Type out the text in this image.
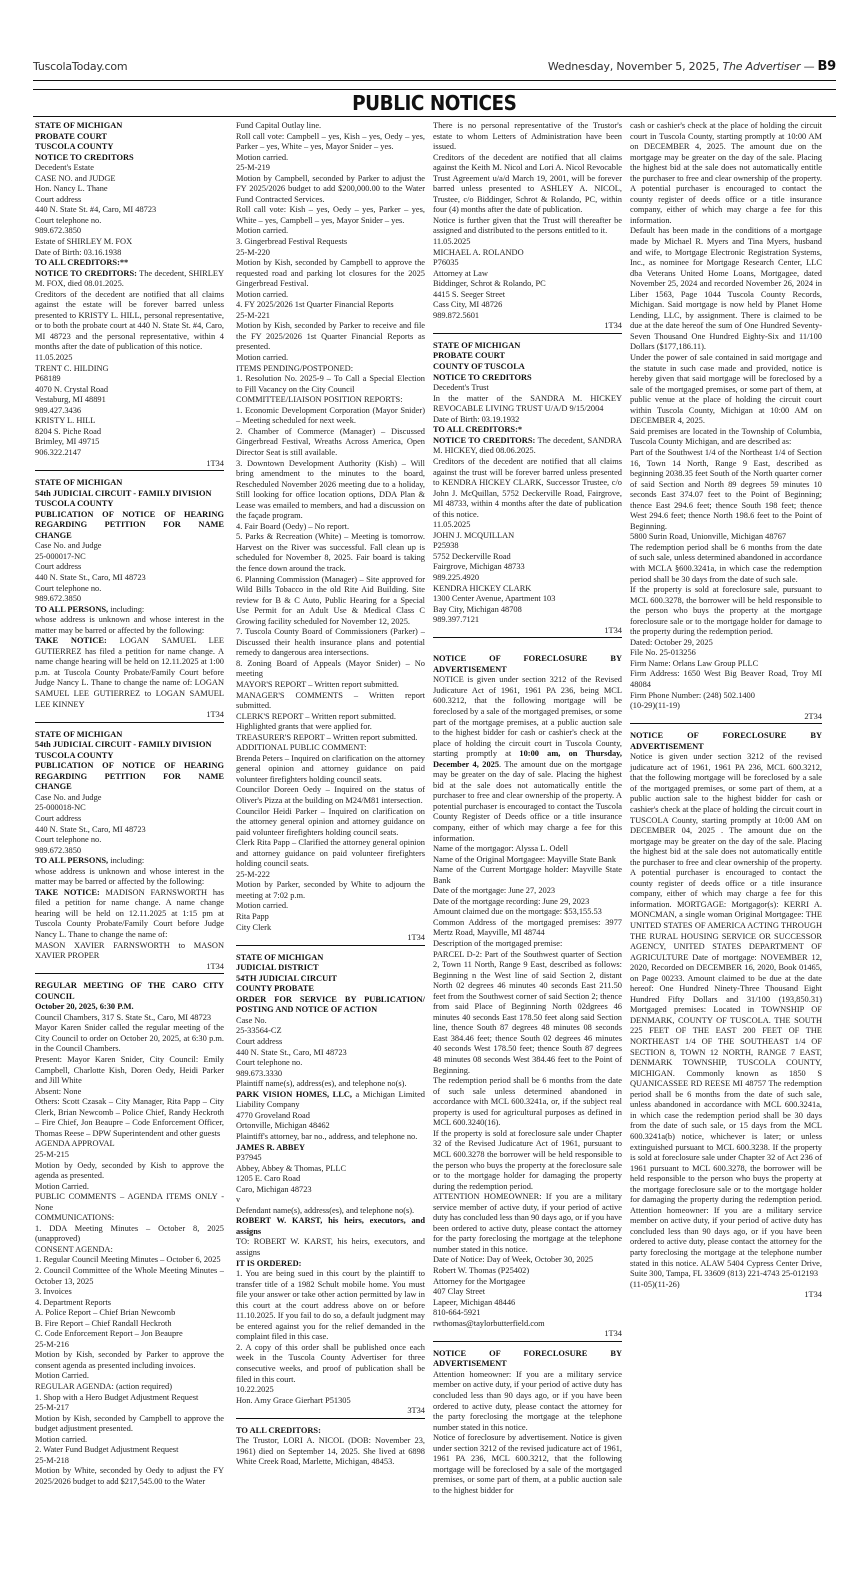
TuscolaToday.com	Wednesday, November 5, 2025, The Advertiser — B9
PUBLIC NOTICES

STATE OF MICHIGAN

PROBATE COURT

TUSCOLA COUNTY

NOTICE TO CREDITORS

Decedent's Estate

CASE NO. and JUDGE

Hon. Nancy L. Thane

Court address

440 N. State St. #4, Caro, MI 48723

Court telephone no.

989.672.3850

Estate of SHIRLEY M. FOX

Date of Birth: 03.16.1938

TO ALL CREDITORS:**

NOTICE TO CREDITORS: The decedent, SHIRLEY M. FOX, died 08.01.2025.

Creditors of the decedent are notified that all claims against the estate will be forever barred unless presented to KRISTY L. HILL, personal representative, or to both the probate court at 440 N. State St. #4, Caro, MI 48723 and the personal representative, within 4 months after the date of publication of this notice.

11.05.2025

TRENT C. HILDING

P68189

4070 N. Crystal Road

Vestaburg, MI 48891

989.427.3436

KRISTY L. HILL

8204 S. Piche Road

Brimley, MI 49715

906.322.2147

1T34

STATE OF MICHIGAN

54th JUDICIAL CIRCUIT - FAMILY DIVISION

TUSCOLA COUNTY

PUBLICATION OF NOTICE OF HEARING REGARDING PETITION FOR NAME

CHANGE

Case No. and Judge

25-000017-NC

Court address

440 N. State St., Caro, MI 48723

Court telephone no.

989.672.3850

TO ALL PERSONS, including:

whose address is unknown and whose interest in the matter may be barred or affected by the following:

TAKE NOTICE: LOGAN SAMUEL LEE GUTIERREZ has filed a petition for name change. A name change hearing will be held on 12.11.2025 at 1:00 p.m. at Tuscola County Probate/Family Court before Judge Nancy L. Thane to change the name of: LOGAN SAMUEL LEE GUTIERREZ to LOGAN SAMUEL LEE KINNEY

1T34

STATE OF MICHIGAN

54th JUDICIAL CIRCUIT - FAMILY DIVISION

TUSCOLA COUNTY

PUBLICATION OF NOTICE OF HEARING REGARDING PETITION FOR NAME

CHANGE

Case No. and Judge

25-000018-NC

Court address

440 N. State St., Caro, MI 48723

Court telephone no.

989.672.3850

TO ALL PERSONS, including:

whose address is unknown and whose interest in the matter may be barred or affected by the following:

TAKE NOTICE: MADISON FARNSWORTH has filed a petition for name change. A name change hearing will be held on 12.11.2025 at 1:15 pm at Tuscola County Probate/Family Court before Judge Nancy L. Thane to change the name of:

MASON XAVIER FARNSWORTH to MASON XAVIER PROPER

1T34

REGULAR MEETING OF THE CARO CITY

COUNCIL

October 20, 2025, 6:30 P.M.

Council Chambers, 317 S. State St., Caro, MI 48723

Mayor Karen Snider called the regular meeting of the City Council to order on October 20, 2025, at 6:30 p.m. in the Council Chambers.

Present: Mayor Karen Snider, City Council: Emily Campbell, Charlotte Kish, Doren Oedy, Heidi Parker and Jill White

Absent: None

Others: Scott Czasak – City Manager, Rita Papp – City Clerk, Brian Newcomb – Police Chief, Randy Heckroth – Fire Chief, Jon Beaupre – Code Enforcement Officer, Thomas Reese – DPW Superintendent and other guests

AGENDA APPROVAL

25-M-215

Motion by Oedy, seconded by Kish to approve the agenda as presented.

Motion Carried.

PUBLIC COMMENTS – AGENDA ITEMS ONLY - None

COMMUNICATIONS:

1. DDA Meeting Minutes – October 8, 2025 (unapproved)

CONSENT AGENDA:

1. Regular Council Meeting Minutes – October 6, 2025

2. Council Committee of the Whole Meeting Minutes – October 13, 2025

3. Invoices

4. Department Reports

A. Police Report – Chief Brian Newcomb

B. Fire Report – Chief Randall Heckroth

C. Code Enforcement Report – Jon Beaupre

25-M-216

Motion by Kish, seconded by Parker to approve the consent agenda as presented including invoices.

Motion Carried.

REGULAR AGENDA: (action required)

1. Shop with a Hero Budget Adjustment Request

25-M-217

Motion by Kish, seconded by Campbell to approve the budget adjustment presented.

Motion carried.

2. Water Fund Budget Adjustment Request

25-M-218

Motion by White, seconded by Oedy to adjust the FY 2025/2026 budget to add $217,545.00 to the Water

Fund Capital Outlay line.

Roll call vote: Campbell – yes, Kish – yes, Oedy – yes, Parker – yes, White – yes, Mayor Snider – yes.

Motion carried.

25-M-219

Motion by Campbell, seconded by Parker to adjust the FY 2025/2026 budget to add $200,000.00 to the Water Fund Contracted Services.

Roll call vote: Kish – yes, Oedy – yes, Parker – yes, White – yes, Campbell – yes, Mayor Snider – yes.

Motion carried.

3. Gingerbread Festival Requests

25-M-220

Motion by Kish, seconded by Campbell to approve the requested road and parking lot closures for the 2025 Gingerbread Festival.

Motion carried.

4. FY 2025/2026 1st Quarter Financial Reports

25-M-221

Motion by Kish, seconded by Parker to receive and file the FY 2025/2026 1st Quarter Financial Reports as presented.

Motion carried.

ITEMS PENDING/POSTPONED:

1. Resolution No. 2025-9 – To Call a Special Election to Fill Vacancy on the City Council

COMMITTEE/LIAISON POSITION REPORTS:

1. Economic Development Corporation (Mayor Snider) – Meeting scheduled for next week.

2. Chamber of Commerce (Manager) – Discussed Gingerbread Festival, Wreaths Across America, Open Director Seat is still available.

3. Downtown Development Authority (Kish) – Will bring amendment to the minutes to the board, Rescheduled November 2026 meeting due to a holiday, Still looking for office location options, DDA Plan & Lease was emailed to members, and had a discussion on the façade program.

4. Fair Board (Oedy) – No report.

5. Parks & Recreation (White) – Meeting is tomorrow. Harvest on the River was successful. Fall clean up is scheduled for November 8, 2025. Fair board is taking the fence down around the track.

6. Planning Commission (Manager) – Site approved for Wild Bills Tobacco in the old Rite Aid Building. Site review for B & C Auto, Public Hearing for a Special Use Permit for an Adult Use & Medical Class C Growing facility scheduled for November 12, 2025.

7. Tuscola County Board of Commissioners (Parker) – Discussed their health insurance plans and potential remedy to dangerous area intersections.

8. Zoning Board of Appeals (Mayor Snider) – No meeting

MAYOR'S REPORT – Written report submitted.

MANAGER'S COMMENTS – Written report submitted.

CLERK'S REPORT – Written report submitted.

Highlighted grants that were applied for.

TREASURER'S REPORT – Written report submitted.

ADDITIONAL PUBLIC COMMENT:

Brenda Peters – Inquired on clarification on the attorney general opinion and attorney guidance on paid volunteer firefighters holding council seats.

Councilor Doreen Oedy – Inquired on the status of Oliver's Pizza at the building on M24/M81 intersection.

Councilor Heidi Parker – Inquired on clarification on the attorney general opinion and attorney guidance on paid volunteer firefighters holding council seats.

Clerk Rita Papp – Clarified the attorney general opinion and attorney guidance on paid volunteer firefighters holding council seats.

25-M-222

Motion by Parker, seconded by White to adjourn the meeting at 7:02 p.m.

Motion carried.

Rita Papp

City Clerk

1T34

STATE OF MICHIGAN

JUDICIAL DISTRICT

54TH JUDICIAL CIRCUIT

COUNTY PROBATE

ORDER FOR SERVICE BY PUBLICATION/

POSTING AND NOTICE OF ACTION

Case No.

25-33564-CZ

Court address

440 N. State St., Caro, MI 48723

Court telephone no.

989.673.3330

Plaintiff name(s), address(es), and telephone no(s).

PARK VISION HOMES, LLC, a Michigan Limited Liability Company

4770 Groveland Road

Ortonville, Michigan 48462

Plaintiff's attorney, bar no., address, and telephone no.

JAMES R. ABBEY

P37945

Abbey, Abbey & Thomas, PLLC

1205 E. Caro Road

Caro, Michigan 48723

v

Defendant name(s), address(es), and telephone no(s).

ROBERT W. KARST, his heirs, executors, and assigns

TO: ROBERT W. KARST, his heirs, executors, and assigns

IT IS ORDERED:

1. You are being sued in this court by the plaintiff to transfer title of a 1982 Schult mobile home. You must file your answer or take other action permitted by law in this court at the court address above on or before 11.10.2025. If you fail to do so, a default judgment may be entered against you for the relief demanded in the complaint filed in this case.

2. A copy of this order shall be published once each week in the Tuscola County Advertiser for three consecutive weeks, and proof of publication shall be filed in this court.

10.22.2025

Hon. Amy Grace Gierhart P51305

3T34

TO ALL CREDITORS:

The Trustor, LORI A. NICOL (DOB: November 23, 1961) died on September 14, 2025. She lived at 6898 White Creek Road, Marlette, Michigan, 48453.

There is no personal representative of the Trustor's estate to whom Letters of Administration have been issued.

Creditors of the decedent are notified that all claims against the Keith M. Nicol and Lori A. Nicol Revocable Trust Agreement u/a/d March 19, 2001, will be forever barred unless presented to ASHLEY A. NICOL, Trustee, c/o Biddinger, Schrot & Rolando, PC, within four (4) months after the date of publication.

Notice is further given that the Trust will thereafter be assigned and distributed to the persons entitled to it.

11.05.2025

MICHAEL A. ROLANDO

P76035

Attorney at Law

Biddinger, Schrot & Rolando, PC

4415 S. Seeger Street

Cass City, MI 48726

989.872.5601

1T34

STATE OF MICHIGAN

PROBATE COURT

COUNTY OF TUSCOLA

NOTICE TO CREDITORS

Decedent's Trust

In the matter of the SANDRA M. HICKEY REVOCABLE LIVING TRUST U/A/D 9/15/2004

Date of Birth: 03.19.1932

TO ALL CREDITORS:*

NOTICE TO CREDITORS: The decedent, SANDRA M. HICKEY, died 08.06.2025.

Creditors of the decedent are notified that all claims against the trust will be forever barred unless presented to KENDRA HICKEY CLARK, Successor Trustee, c/o John J. McQuillan, 5752 Deckerville Road, Fairgrove, MI 48733, within 4 months after the date of publication of this notice.

11.05.2025

JOHN J. MCQUILLAN

P25938

5752 Deckerville Road

Fairgrove, Michigan 48733

989.225.4920

KENDRA HICKEY CLARK

1300 Center Avenue, Apartment 103

Bay City, Michigan 48708

989.397.7121

1T34

NOTICE OF FORECLOSURE BY

ADVERTISEMENT

NOTICE is given under section 3212 of the Revised Judicature Act of 1961, 1961 PA 236, being MCL 600.3212, that the following mortgage will be foreclosed by a sale of the mortgaged premises, or some part of the mortgage premises, at a public auction sale to the highest bidder for cash or cashier's check at the place of holding the circuit court in Tuscola County, starting promptly at 10:00 am, on Thursday, December 4, 2025. The amount due on the mortgage may be greater on the day of sale. Placing the highest bid at the sale does not automatically entitle the purchaser to free and clear ownership of the property. A potential purchaser is encouraged to contact the Tuscola County Register of Deeds office or a title insurance company, either of which may charge a fee for this information.

Name of the mortgagor: Alyssa L. Odell

Name of the Original Mortgagee: Mayville State Bank

Name of the Current Mortgage holder: Mayville State Bank

Date of the mortgage: June 27, 2023

Date of the mortgage recording: June 29, 2023

Amount claimed due on the mortgage: $53,155.53

Common Address of the mortgaged premises: 3977 Mertz Road, Mayville, MI 48744

Description of the mortgaged premise:

PARCEL D-2: Part of the Southwest quarter of Section 2, Town 11 North, Range 9 East, described as follows: Beginning n the West line of said Section 2, distant North 02 degrees 46 minutes 40 seconds East 211.50 feet from the Southwest corner of said Section 2; thence from said Place of Beginning North 02dgrees 46 minutes 40 seconds East 178.50 feet along said Section line, thence South 87 degrees 48 minutes 08 seconds East 384.46 feet; thence South 02 degrees 46 minutes 40 seconds West 178.50 feet; thence South 87 degrees 48 minutes 08 seconds West 384.46 feet to the Point of Beginning.

The redemption period shall be 6 months from the date of such sale unless determined abandoned in accordance with MCL 600.3241a, or, if the subject real property is used for agricultural purposes as defined in MCL 600.3240(16).

If the property is sold at foreclosure sale under Chapter 32 of the Revised Judicature Act of 1961, pursuant to MCL 600.3278 the borrower will be held responsible to the person who buys the property at the foreclosure sale or to the mortgage holder for damaging the property during the redemption period.

ATTENTION HOMEOWNER: If you are a military service member of active duty, if your period of active duty has concluded less than 90 days ago, or if you have been ordered to active duty, please contact the attorney for the party foreclosing the mortgage at the telephone number stated in this notice.

Date of Notice: Day of Week, October 30, 2025

Robert W. Thomas (P25402)

Attorney for the Mortgagee

407 Clay Street

Lapeer, Michigan 48446

810-664-5921

rwthomas@taylorbutterfield.com

1T34

NOTICE OF FORECLOSURE BY

ADVERTISEMENT

Attention homeowner: If you are a military service member on active duty, if your period of active duty has concluded less than 90 days ago, or if you have been ordered to active duty, please contact the attorney for the party foreclosing the mortgage at the telephone number stated in this notice.

Notice of foreclosure by advertisement. Notice is given under section 3212 of the revised judicature act of 1961, 1961 PA 236, MCL 600.3212, that the following mortgage will be foreclosed by a sale of the mortgaged premises, or some part of them, at a public auction sale to the highest bidder for

cash or cashier's check at the place of holding the circuit court in Tuscola County, starting promptly at 10:00 AM on DECEMBER 4, 2025. The amount due on the mortgage may be greater on the day of the sale. Placing the highest bid at the sale does not automatically entitle the purchaser to free and clear ownership of the property. A potential purchaser is encouraged to contact the county register of deeds office or a title insurance company, either of which may charge a fee for this information.

Default has been made in the conditions of a mortgage made by Michael R. Myers and Tina Myers, husband and wife, to Mortgage Electronic Registration Systems, Inc., as nominee for Mortgage Research Center, LLC dba Veterans United Home Loans, Mortgagee, dated November 25, 2024 and recorded November 26, 2024 in Liber 1563, Page 1044 Tuscola County Records, Michigan. Said mortgage is now held by Planet Home Lending, LLC, by assignment. There is claimed to be due at the date hereof the sum of One Hundred Seventy-Seven Thousand One Hundred Eighty-Six and 11/100 Dollars ($177,186.11).

Under the power of sale contained in said mortgage and the statute in such case made and provided, notice is hereby given that said mortgage will be foreclosed by a sale of the mortgaged premises, or some part of them, at public venue at the place of holding the circuit court within Tuscola County, Michigan at 10:00 AM on DECEMBER 4, 2025.

Said premises are located in the Township of Columbia, Tuscola County Michigan, and are described as:

Part of the Southwest 1/4 of the Northeast 1/4 of Section 16, Town 14 North, Range 9 East, described as beginning 2038.35 feet South of the North quarter corner of said Section and North 89 degrees 59 minutes 10 seconds East 374.07 feet to the Point of Beginning; thence East 294.6 feet; thence South 198 feet; thence West 294.6 feet; thence North 198.6 feet to the Point of Beginning.

5800 Surin Road, Unionville, Michigan 48767

The redemption period shall be 6 months from the date of such sale, unless determined abandoned in accordance with MCLA §600.3241a, in which case the redemption period shall be 30 days from the date of such sale.

If the property is sold at foreclosure sale, pursuant to MCL 600.3278, the borrower will be held responsible to the person who buys the property at the mortgage foreclosure sale or to the mortgage holder for damage to the property during the redemption period.

Dated: October 29, 2025

File No. 25-013256

Firm Name: Orlans Law Group PLLC

Firm Address: 1650 West Big Beaver Road, Troy MI 48084

Firm Phone Number: (248) 502.1400

(10-29)(11-19)

2T34

NOTICE OF FORECLOSURE BY

ADVERTISEMENT

Notice is given under section 3212 of the revised judicature act of 1961, 1961 PA 236, MCL 600.3212, that the following mortgage will be foreclosed by a sale of the mortgaged premises, or some part of them, at a public auction sale to the highest bidder for cash or cashier's check at the place of holding the circuit court in TUSCOLA County, starting promptly at 10:00 AM on DECEMBER 04, 2025 . The amount due on the mortgage may be greater on the day of the sale. Placing the highest bid at the sale does not automatically entitle the purchaser to free and clear ownership of the property. A potential purchaser is encouraged to contact the county register of deeds office or a title insurance company, either of which may charge a fee for this information. MORTGAGE: Mortgagor(s): KERRI A. MONCMAN, a single woman Original Mortgagee: THE UNITED STATES OF AMERICA ACTING THROUGH THE RURAL HOUSING SERVICE OR SUCCESSOR AGENCY, UNITED STATES DEPARTMENT OF AGRICULTURE Date of mortgage: NOVEMBER 12, 2020, Recorded on DECEMBER 16, 2020, Book 01465, on Page 00233. Amount claimed to be due at the date hereof: One Hundred Ninety-Three Thousand Eight Hundred Fifty Dollars and 31/100 (193,850.31) Mortgaged premises: Located in TOWNSHIP OF DENMARK, COUNTY OF TUSCOLA. THE SOUTH 225 FEET OF THE EAST 200 FEET OF THE NORTHEAST 1/4 OF THE SOUTHEAST 1/4 OF SECTION 8, TOWN 12 NORTH, RANGE 7 EAST, DENMARK TOWNSHIP, TUSCOLA COUNTY, MICHIGAN. Commonly known as 1850 S QUANICASSEE RD REESE MI 48757 The redemption period shall be 6 months from the date of such sale, unless abandoned in accordance with MCL 600.3241a, in which case the redemption period shall be 30 days from the date of such sale, or 15 days from the MCL 600.3241a(b) notice, whichever is later; or unless extinguished pursuant to MCL 600.3238. If the property is sold at foreclosure sale under Chapter 32 of Act 236 of 1961 pursuant to MCL 600.3278, the borrower will be held responsible to the person who buys the property at the mortgage foreclosure sale or to the mortgage holder for damaging the property during the redemption period. Attention homeowner: If you are a military service member on active duty, if your period of active duty has concluded less than 90 days ago, or if you have been ordered to active duty, please contact the attorney for the party foreclosing the mortgage at the telephone number stated in this notice. ALAW 5404 Cypress Center Drive, Suite 300, Tampa, FL 33609 (813) 221-4743 25-012193

(11-05)(11-26)

1T34
